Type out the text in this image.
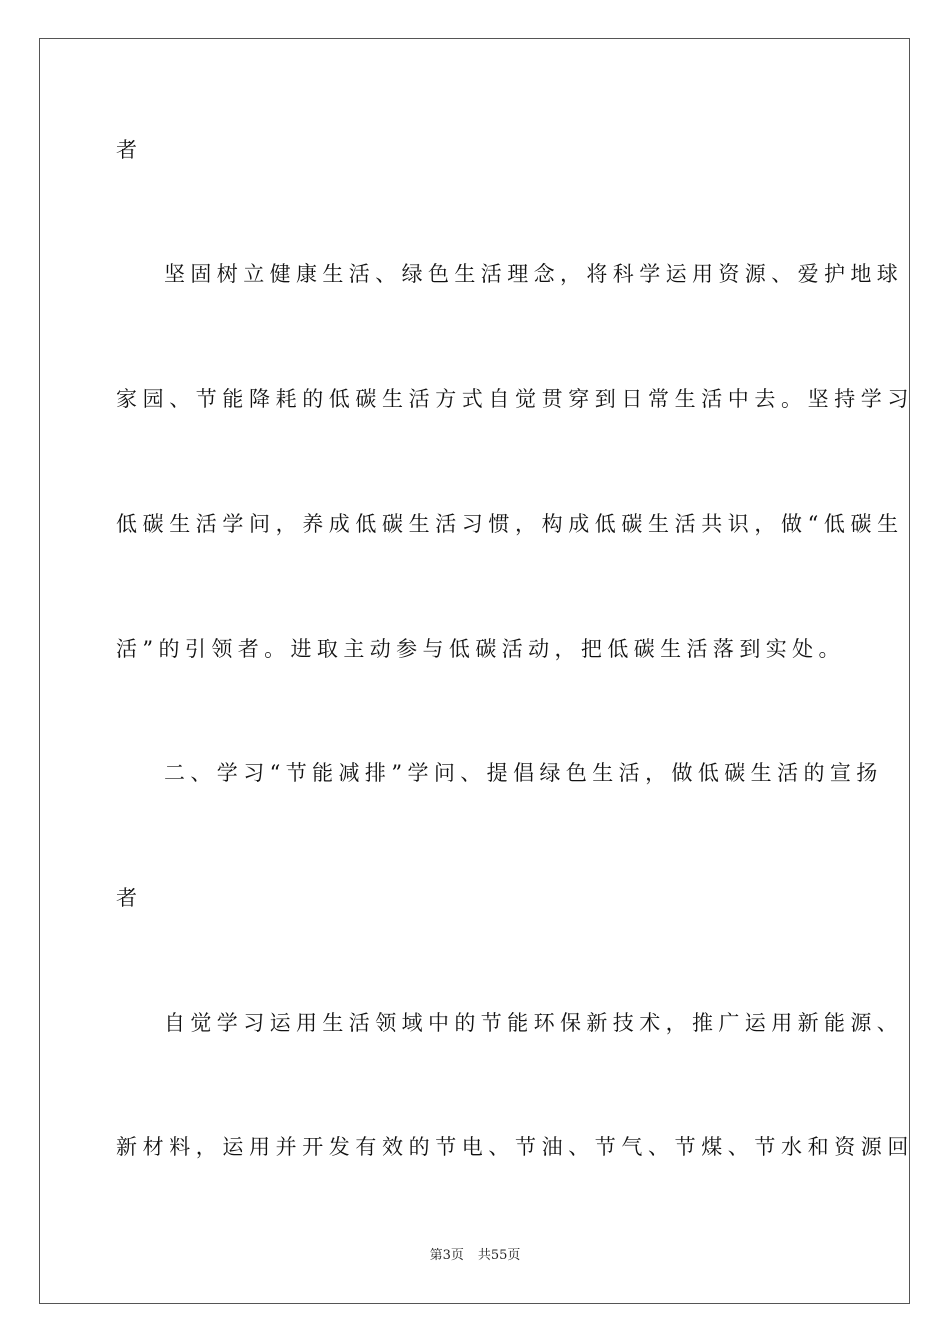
者
坚固树立健康生活、绿色生活理念，将科学运用资源、爱护地球
家园、节能降耗的低碳生活方式自觉贯穿到日常生活中去。坚持学习
低碳生活学问，养成低碳生活习惯，构成低碳生活共识，做“低碳生
活”的引领者。进取主动参与低碳活动，把低碳生活落到实处。
二、学习“节能减排”学问、提倡绿色生活，做低碳生活的宣扬
者
自觉学习运用生活领域中的节能环保新技术，推广运用新能源、
新材料，运用并开发有效的节电、节油、节气、节煤、节水和资源回
第3页 共55页
